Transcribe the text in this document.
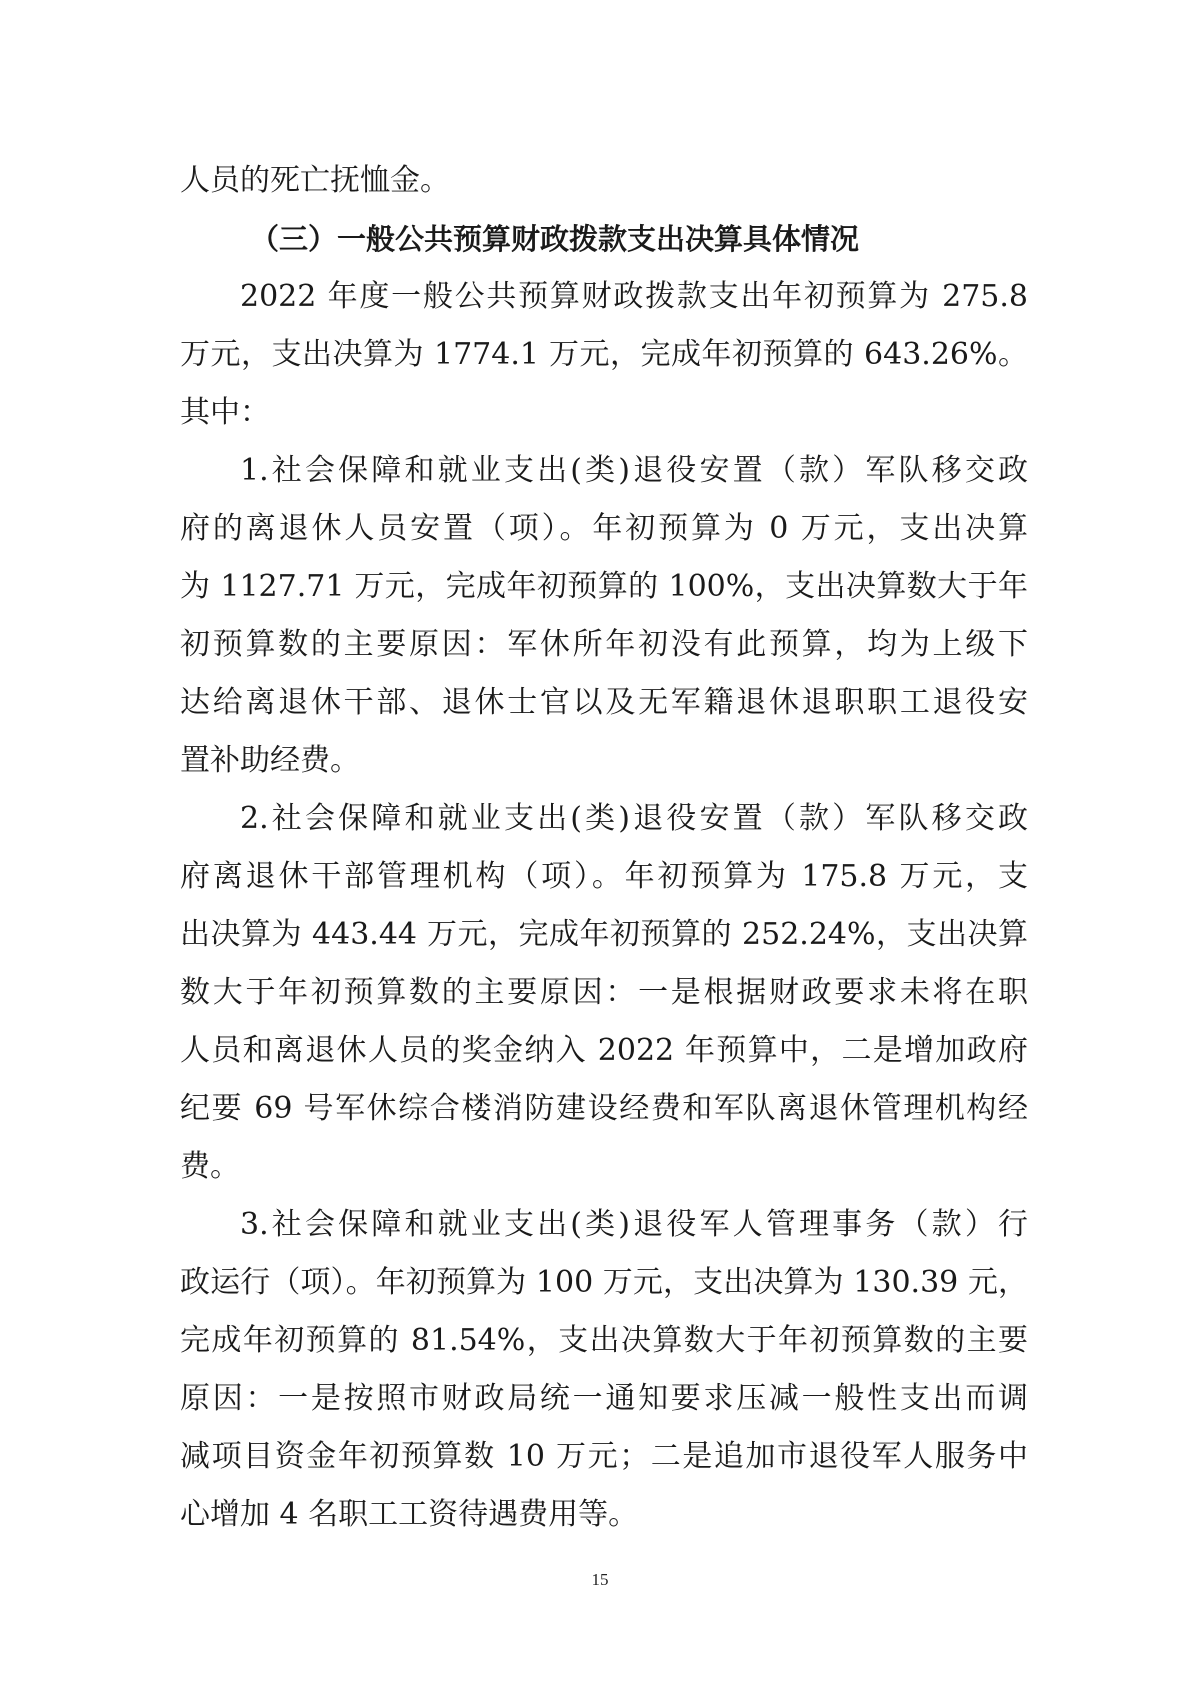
人员的死亡抚恤金。
（三）一般公共预算财政拨款支出决算具体情况
2022 年度一般公共预算财政拨款支出年初预算为 275.8
万元，支出决算为 1774.1 万元，完成年初预算的 643.26%。
其中：
1.社会保障和就业支出(类)退役安置（款）军队移交政
府的离退休人员安置（项）。年初预算为 0 万元，支出决算
为 1127.71 万元，完成年初预算的 100%，支出决算数大于年
初预算数的主要原因：军休所年初没有此预算，均为上级下
达给离退休干部、退休士官以及无军籍退休退职职工退役安
置补助经费。
2.社会保障和就业支出(类)退役安置（款）军队移交政
府离退休干部管理机构（项）。年初预算为 175.8 万元，支
出决算为 443.44 万元，完成年初预算的 252.24%，支出决算
数大于年初预算数的主要原因：一是根据财政要求未将在职
人员和离退休人员的奖金纳入 2022 年预算中，二是增加政府
纪要 69 号军休综合楼消防建设经费和军队离退休管理机构经
费。
3.社会保障和就业支出(类)退役军人管理事务（款）行
政运行（项）。年初预算为 100 万元，支出决算为 130.39 元，
完成年初预算的 81.54%，支出决算数大于年初预算数的主要
原因：一是按照市财政局统一通知要求压减一般性支出而调
减项目资金年初预算数 10 万元；二是追加市退役军人服务中
心增加 4 名职工工资待遇费用等。
15
